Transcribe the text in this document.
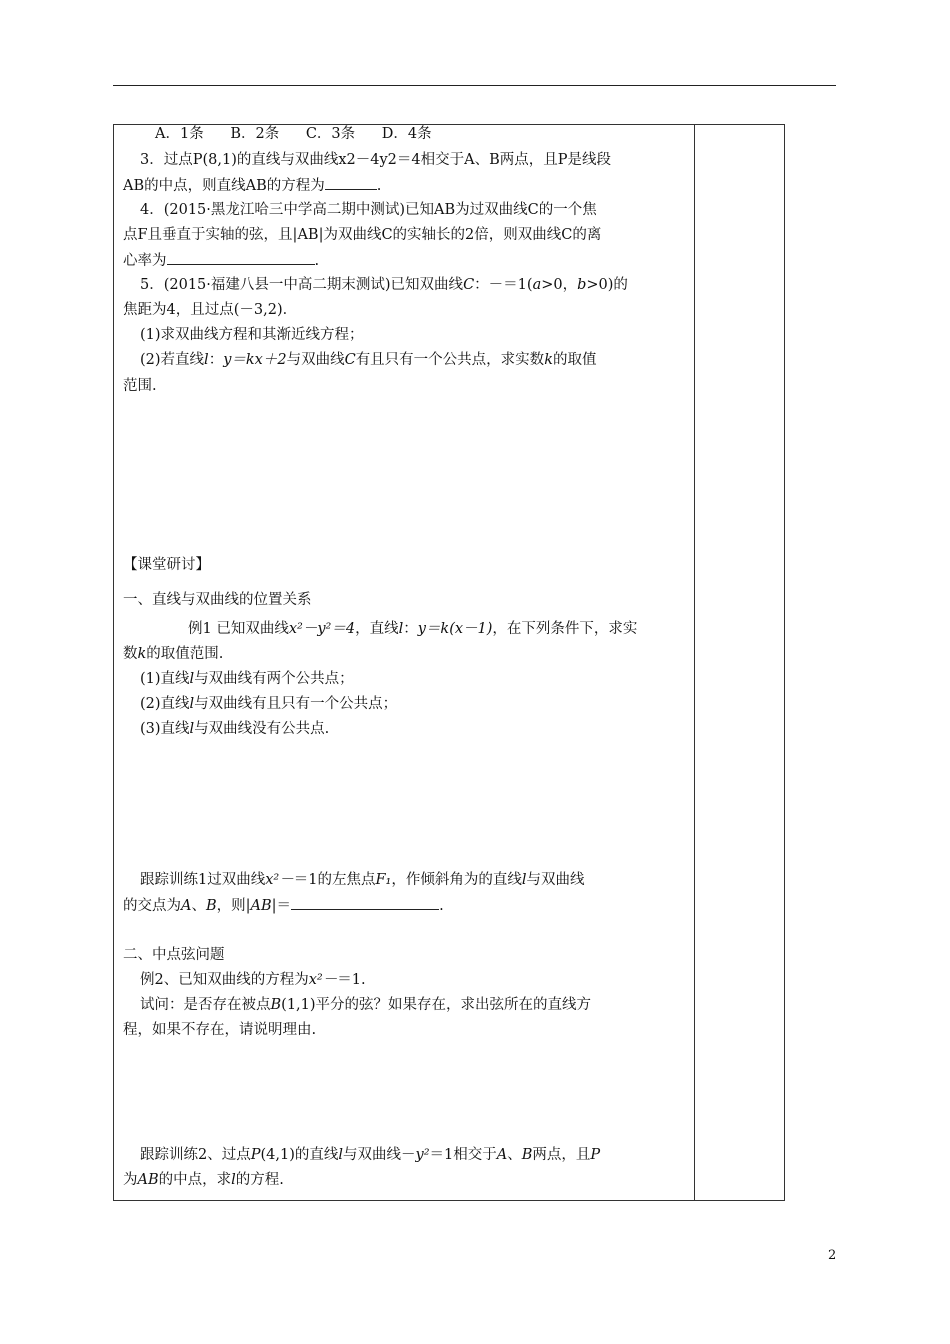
A．1条 B．2条 C．3条 D．4条
3．过点P(8,1)的直线与双曲线x2－4y2＝4相交于A、B两点，且P是线段
AB的中点，则直线AB的方程为	.
4．(2015·黑龙江哈三中学高二期中测试)已知AB为过双曲线C的一个焦
点F且垂直于实轴的弦，且|AB|为双曲线C的实轴长的2倍，则双曲线C的离
心率为	.
5．(2015·福建八县一中高二期末测试)已知双曲线C：－＝1(a>0，b>0)的
焦距为4，且过点(－3,2)．
(1)求双曲线方程和其渐近线方程；
(2)若直线l：y＝kx＋2与双曲线C有且只有一个公共点，求实数k的取值
范围.
【课堂研讨】
一、直线与双曲线的位置关系
例1 已知双曲线x²－y²＝4，直线l：y＝k(x－1)，在下列条件下，求实
数k的取值范围.
(1)直线l与双曲线有两个公共点；
(2)直线l与双曲线有且只有一个公共点；
(3)直线l与双曲线没有公共点.
跟踪训练1过双曲线x²－＝1的左焦点F₁，作倾斜角为的直线l与双曲线
的交点为A、B，则|AB|＝	.
二、中点弦问题
例2、已知双曲线的方程为x²－＝1.
试问：是否存在被点B(1,1)平分的弦？如果存在，求出弦所在的直线方
程，如果不存在，请说明理由.
跟踪训练2、过点P(4,1)的直线l与双曲线－y²＝1相交于A、B两点，且P
为AB的中点，求l的方程.
2
